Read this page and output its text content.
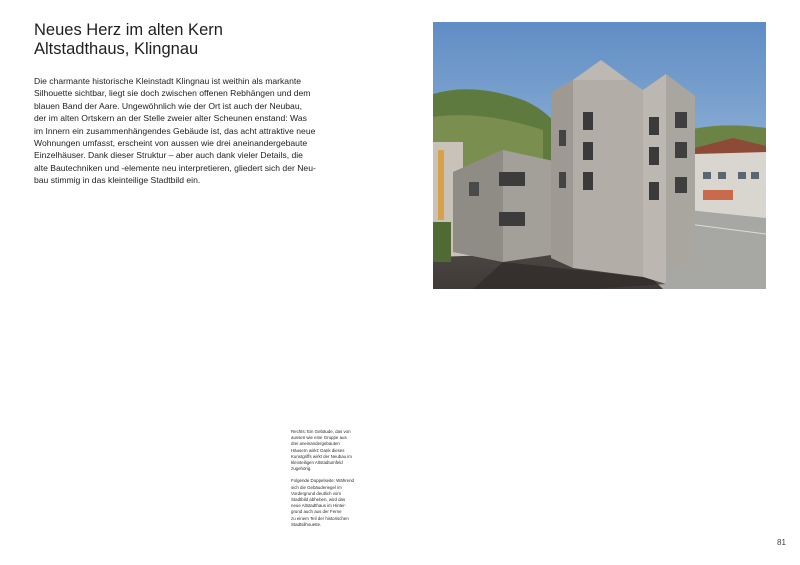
Neues Herz im alten Kern
Altstadthaus, Klingnau
Die charmante historische Kleinstadt Klingnau ist weithin als markante
Silhouette sichtbar, liegt sie doch zwischen offenen Rebhängen und dem
blauen Band der Aare. Ungewöhnlich wie der Ort ist auch der Neubau,
der im alten Ortskern an der Stelle zweier alter Scheunen enstand: Was
im Innern ein zusammenhängendes Gebäude ist, das acht attraktive neue
Wohnungen umfasst, erscheint von aussen wie drei aneinandergebaute
Einzelhäuser. Dank dieser Struktur – aber auch dank vieler Details, die
alte Bautechniken und -elemente neu interpretieren, gliedert sich der Neu-
bau stimmig in das kleinteilige Stadtbild ein.
Rechts: Ein Gebäude, das von
aussen wie eine Gruppe aus
drei aneinandergebauten
Häusern wirkt: Dank dieses
Kunstgriffs wirkt der Neubau im
kleinteiligen Altstadtumfeld
zugehörig.
Folgende Doppelseite: Während
sich die Gebäuderiegel im
Vordergrund deutlich vom
Stadtbild abheben, wird das
neue Altstadthaus im Hinter-
grund auch aus der Ferne
zu einem Teil der historischen
Stadtsilhouette.
81
